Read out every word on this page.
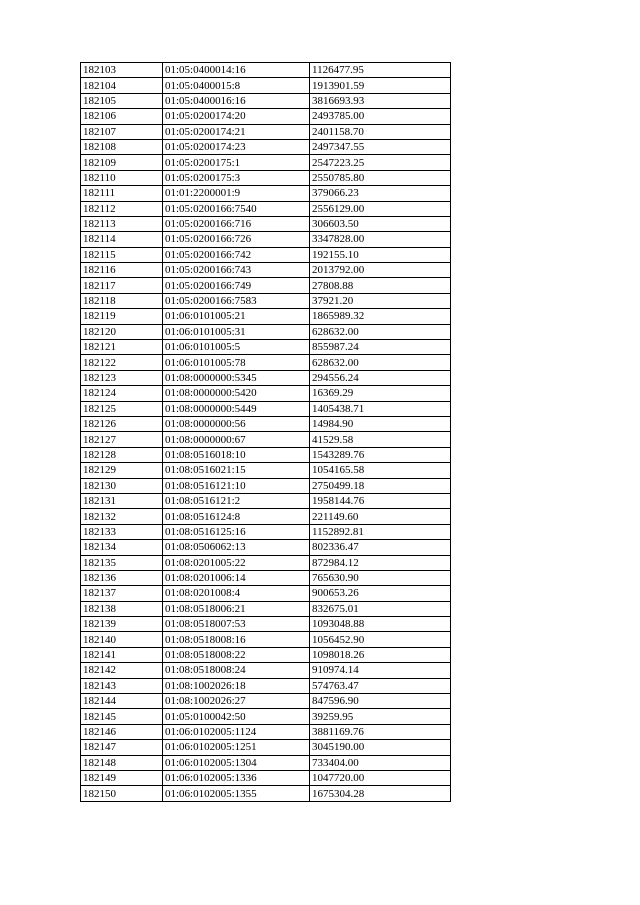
182103	01:05:0400014:16	1126477.95
182104	01:05:0400015:8	1913901.59
182105	01:05:0400016:16	3816693.93
182106	01:05:0200174:20	2493785.00
182107	01:05:0200174:21	2401158.70
182108	01:05:0200174:23	2497347.55
182109	01:05:0200175:1	2547223.25
182110	01:05:0200175:3	2550785.80
182111	01:01:2200001:9	379066.23
182112	01:05:0200166:7540	2556129.00
182113	01:05:0200166:716	306603.50
182114	01:05:0200166:726	3347828.00
182115	01:05:0200166:742	192155.10
182116	01:05:0200166:743	2013792.00
182117	01:05:0200166:749	27808.88
182118	01:05:0200166:7583	37921.20
182119	01:06:0101005:21	1865989.32
182120	01:06:0101005:31	628632.00
182121	01:06:0101005:5	855987.24
182122	01:06:0101005:78	628632.00
182123	01:08:0000000:5345	294556.24
182124	01:08:0000000:5420	16369.29
182125	01:08:0000000:5449	1405438.71
182126	01:08:0000000:56	14984.90
182127	01:08:0000000:67	41529.58
182128	01:08:0516018:10	1543289.76
182129	01:08:0516021:15	1054165.58
182130	01:08:0516121:10	2750499.18
182131	01:08:0516121:2	1958144.76
182132	01:08:0516124:8	221149.60
182133	01:08:0516125:16	1152892.81
182134	01:08:0506062:13	802336.47
182135	01:08:0201005:22	872984.12
182136	01:08:0201006:14	765630.90
182137	01:08:0201008:4	900653.26
182138	01:08:0518006:21	832675.01
182139	01:08:0518007:53	1093048.88
182140	01:08:0518008:16	1056452.90
182141	01:08:0518008:22	1098018.26
182142	01:08:0518008:24	910974.14
182143	01:08:1002026:18	574763.47
182144	01:08:1002026:27	847596.90
182145	01:05:0100042:50	39259.95
182146	01:06:0102005:1124	3881169.76
182147	01:06:0102005:1251	3045190.00
182148	01:06:0102005:1304	733404.00
182149	01:06:0102005:1336	1047720.00
182150	01:06:0102005:1355	1675304.28
